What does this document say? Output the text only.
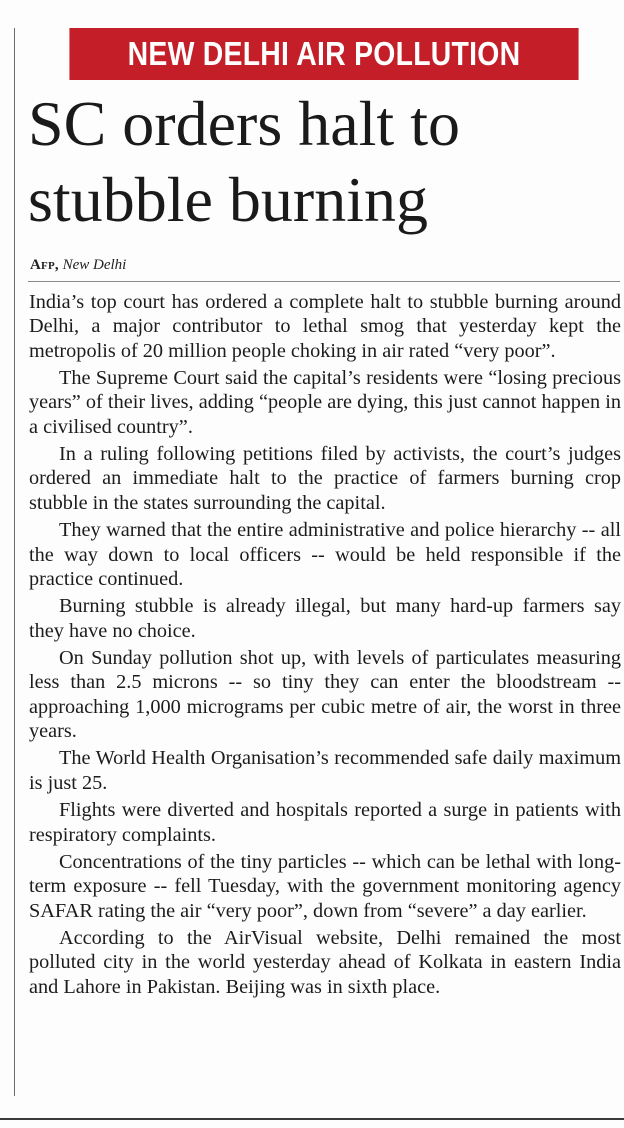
NEW DELHI AIR POLLUTION
SC orders halt to stubble burning
Afp, New Delhi

India’s top court has ordered a complete halt to stubble burning around Delhi, a major contributor to lethal smog that yesterday kept the metropolis of 20 million people choking in air rated “very poor”.

The Supreme Court said the capital’s residents were “losing precious years” of their lives, adding “people are dying, this just cannot happen in a civilised country”.

In a ruling following petitions filed by activists, the court’s judges ordered an immediate halt to the practice of farmers burning crop stubble in the states surrounding the capital.

They warned that the entire administrative and police hierarchy -- all the way down to local officers -- would be held responsible if the practice continued.

Burning stubble is already illegal, but many hard-up farmers say they have no choice.

On Sunday pollution shot up, with levels of particulates measuring less than 2.5 microns -- so tiny they can enter the bloodstream -- approaching 1,000 micrograms per cubic metre of air, the worst in three years.

The World Health Organisation’s recommended safe daily maximum is just 25.

Flights were diverted and hospitals reported a surge in patients with respiratory complaints.

Concentrations of the tiny particles -- which can be lethal with long-term exposure -- fell Tuesday, with the government monitoring agency SAFAR rating the air “very poor”, down from “severe” a day earlier.

According to the AirVisual website, Delhi remained the most polluted city in the world yesterday ahead of Kolkata in eastern India and Lahore in Pakistan. Beijing was in sixth place.
